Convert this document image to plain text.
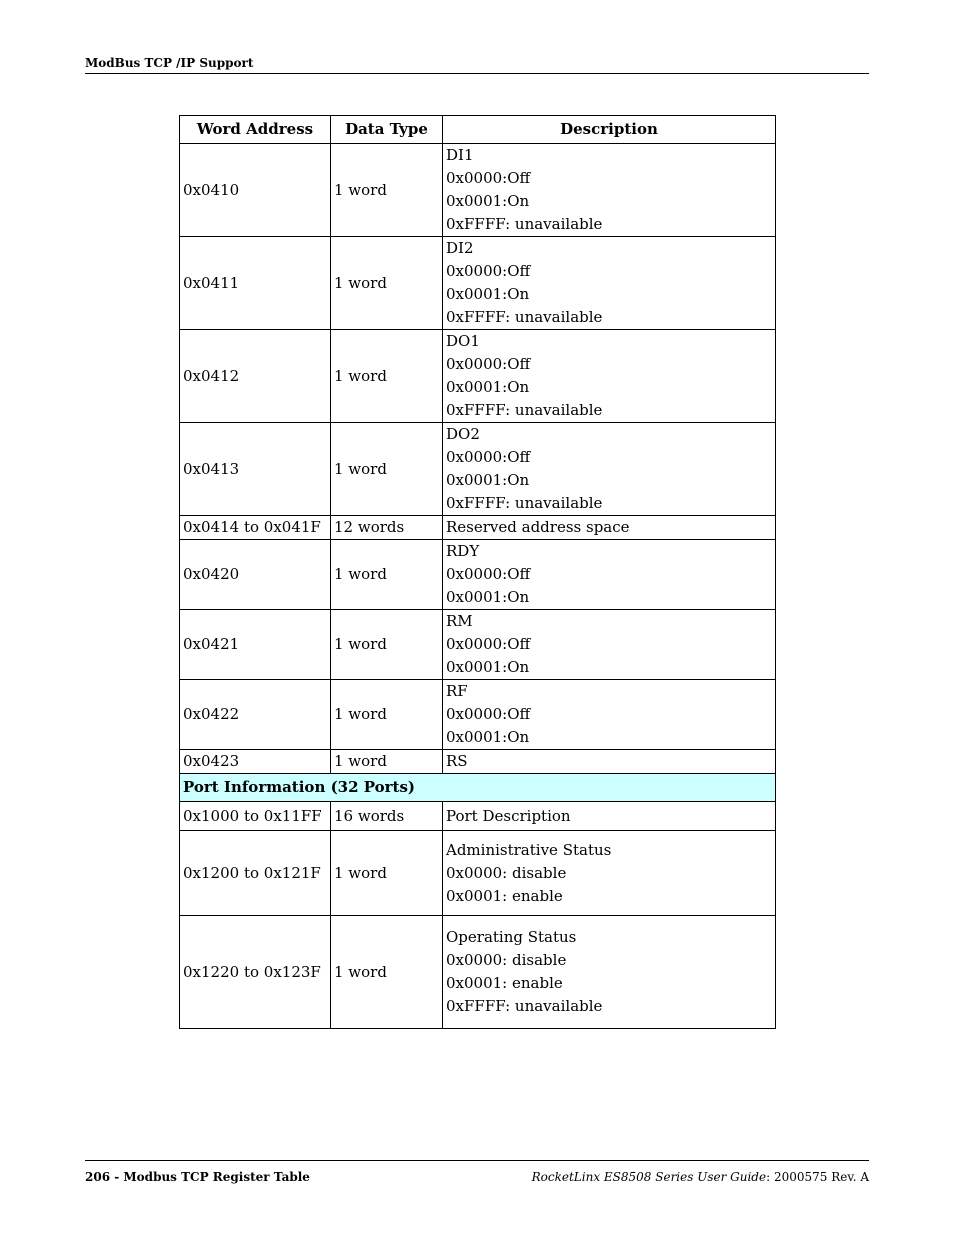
ModBus TCP /IP Support
Word Address	Data Type	Description
0x0410	1 word	DI1
0x0000:Off
0x0001:On
0xFFFF: unavailable

0x0411	1 word	DI2
0x0000:Off
0x0001:On
0xFFFF: unavailable

0x0412	1 word	DO1
0x0000:Off
0x0001:On
0xFFFF: unavailable

0x0413	1 word	DO2
0x0000:Off
0x0001:On
0xFFFF: unavailable

0x0414 to 0x041F	12 words	Reserved address space

0x0420	1 word	RDY
0x0000:Off
0x0001:On

0x0421	1 word	RM
0x0000:Off
0x0001:On

0x0422	1 word	RF
0x0000:Off
0x0001:On

0x0423	1 word	RS

Port Information (32 Ports)		
0x1000 to 0x11FF	16 words	Port Description

0x1200 to 0x121F	1 word	Administrative Status
0x0000: disable
0x0001: enable

0x1220 to 0x123F	1 word	Operating Status
0x0000: disable
0x0001: enable
0xFFFF: unavailable
206 - Modbus TCP Register Table	RocketLinx ES8508 Series User Guide: 2000575 Rev. A
